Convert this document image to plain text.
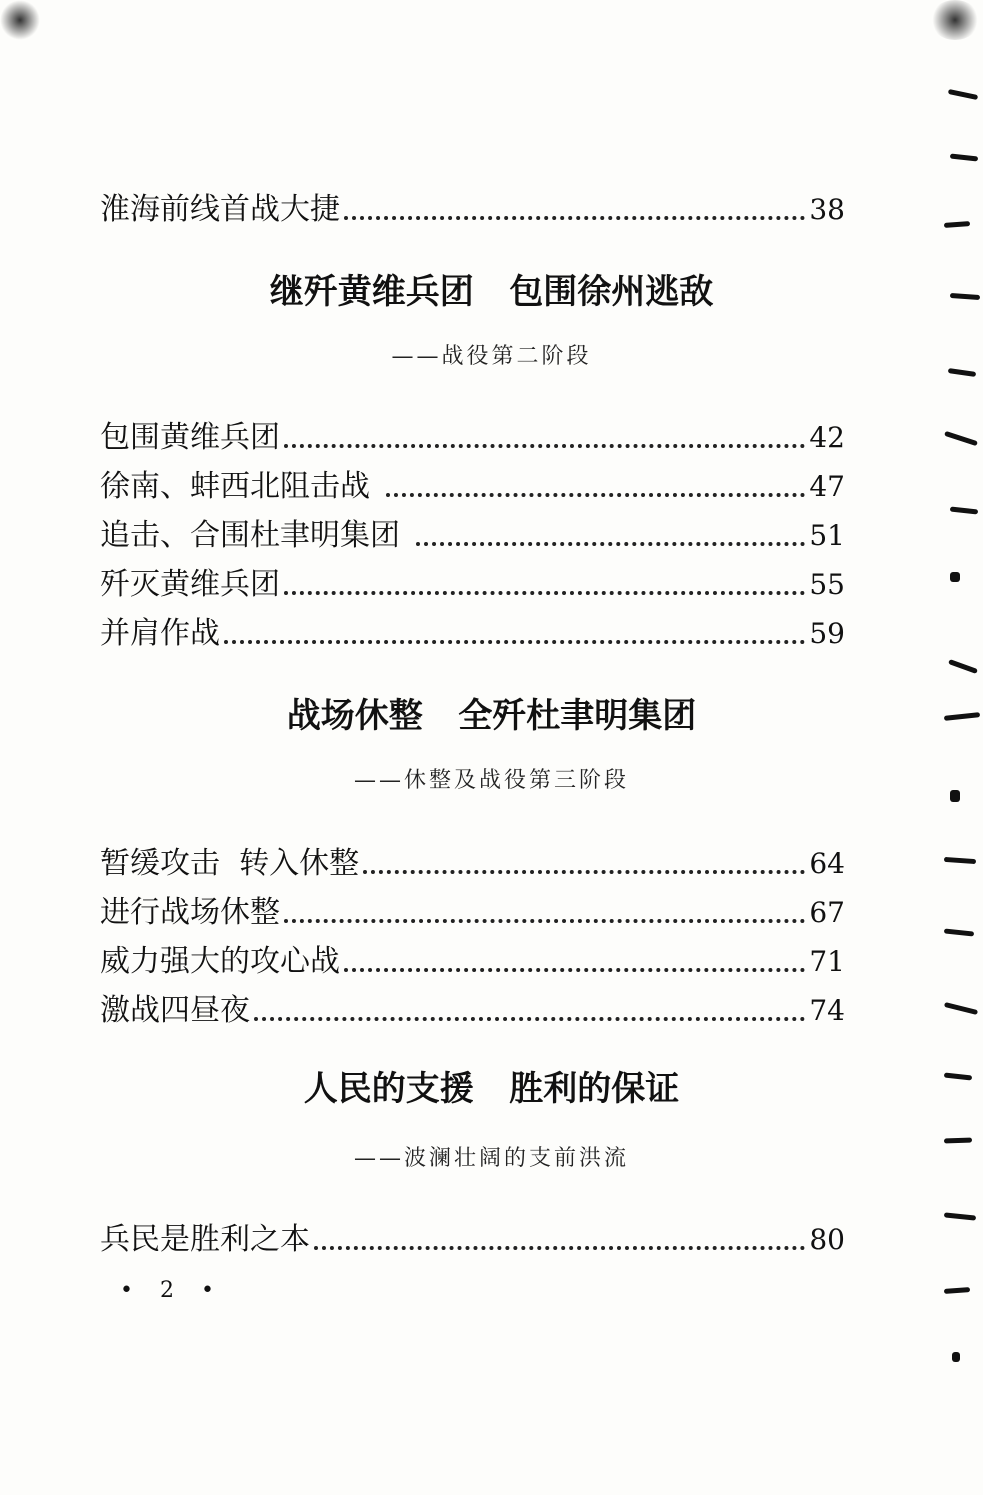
淮海前线首战大捷	38
继歼黄维兵团   包围徐州逃敌
——战役第二阶段
包围黄维兵团	42
徐南、蚌西北阻击战	47
追击、合围杜聿明集团	51
歼灭黄维兵团	55
并肩作战	59
战场休整   全歼杜聿明集团
——休整及战役第三阶段
暂缓攻击  转入休整	64
进行战场休整	67
威力强大的攻心战	71
激战四昼夜	74
人民的支援   胜利的保证
——波澜壮阔的支前洪流
兵民是胜利之本	80
• 2 •
